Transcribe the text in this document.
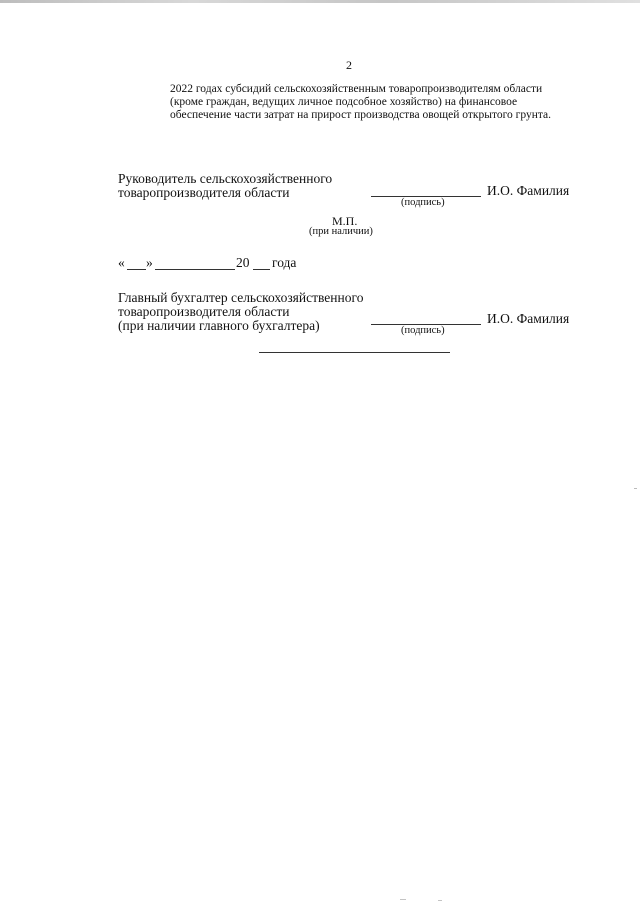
2
2022 годах субсидий сельскохозяйственным товаропроизводителям области
(кроме граждан, ведущих личное подсобное хозяйство) на финансовое
обеспечение части затрат на прирост производства овощей открытого грунта.
Руководитель сельскохозяйственного
товаропроизводителя области
(подпись)
И.О. Фамилия
М.П.
(при наличии)
« »	20 года
Главный бухгалтер сельскохозяйственного
товаропроизводителя области
(при наличии главного бухгалтера)	(подпись)
И.О. Фамилия
